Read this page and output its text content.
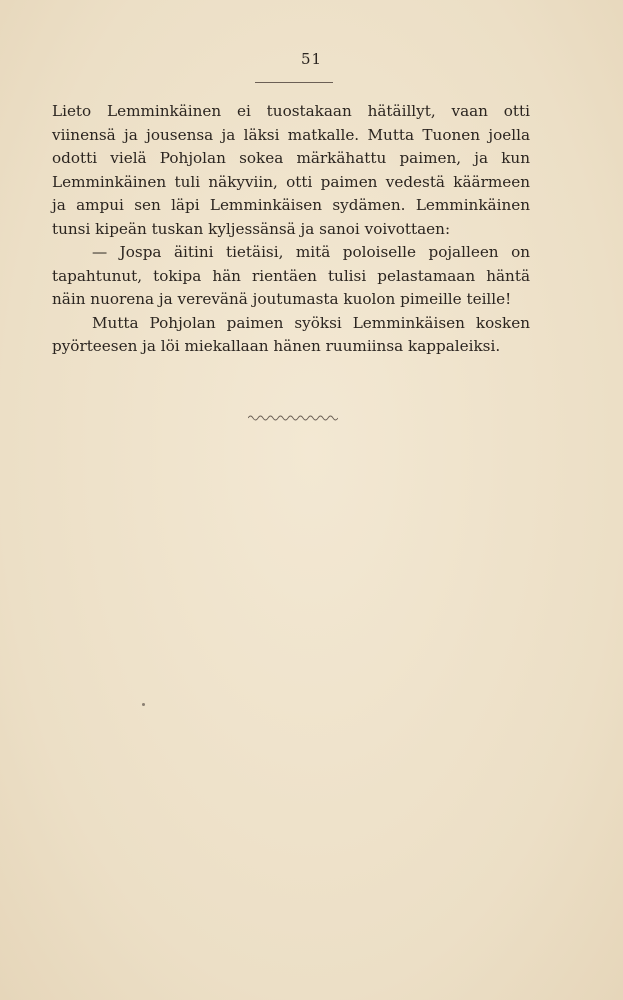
51
Lieto Lemminkäinen ei tuostakaan hätäillyt, vaan otti
viinensä ja jousensa ja läksi matkalle. Mutta Tuonen joella
odotti vielä Pohjolan sokea märkähattu paimen, ja kun
Lemminkäinen tuli näkyviin, otti paimen vedestä käärmeen
ja ampui sen läpi Lemminkäisen sydämen. Lemminkäinen
tunsi kipeän tuskan kyljessänsä ja sanoi voivottaen:
— Jospa äitini tietäisi, mitä poloiselle pojalleen on
tapahtunut, tokipa hän rientäen tulisi pelastamaan häntä
näin nuorena ja verevänä joutumasta kuolon pimeille teille!
Mutta Pohjolan paimen syöksi Lemminkäisen kosken
pyörteesen ja löi miekallaan hänen ruumiinsa kappaleiksi.
